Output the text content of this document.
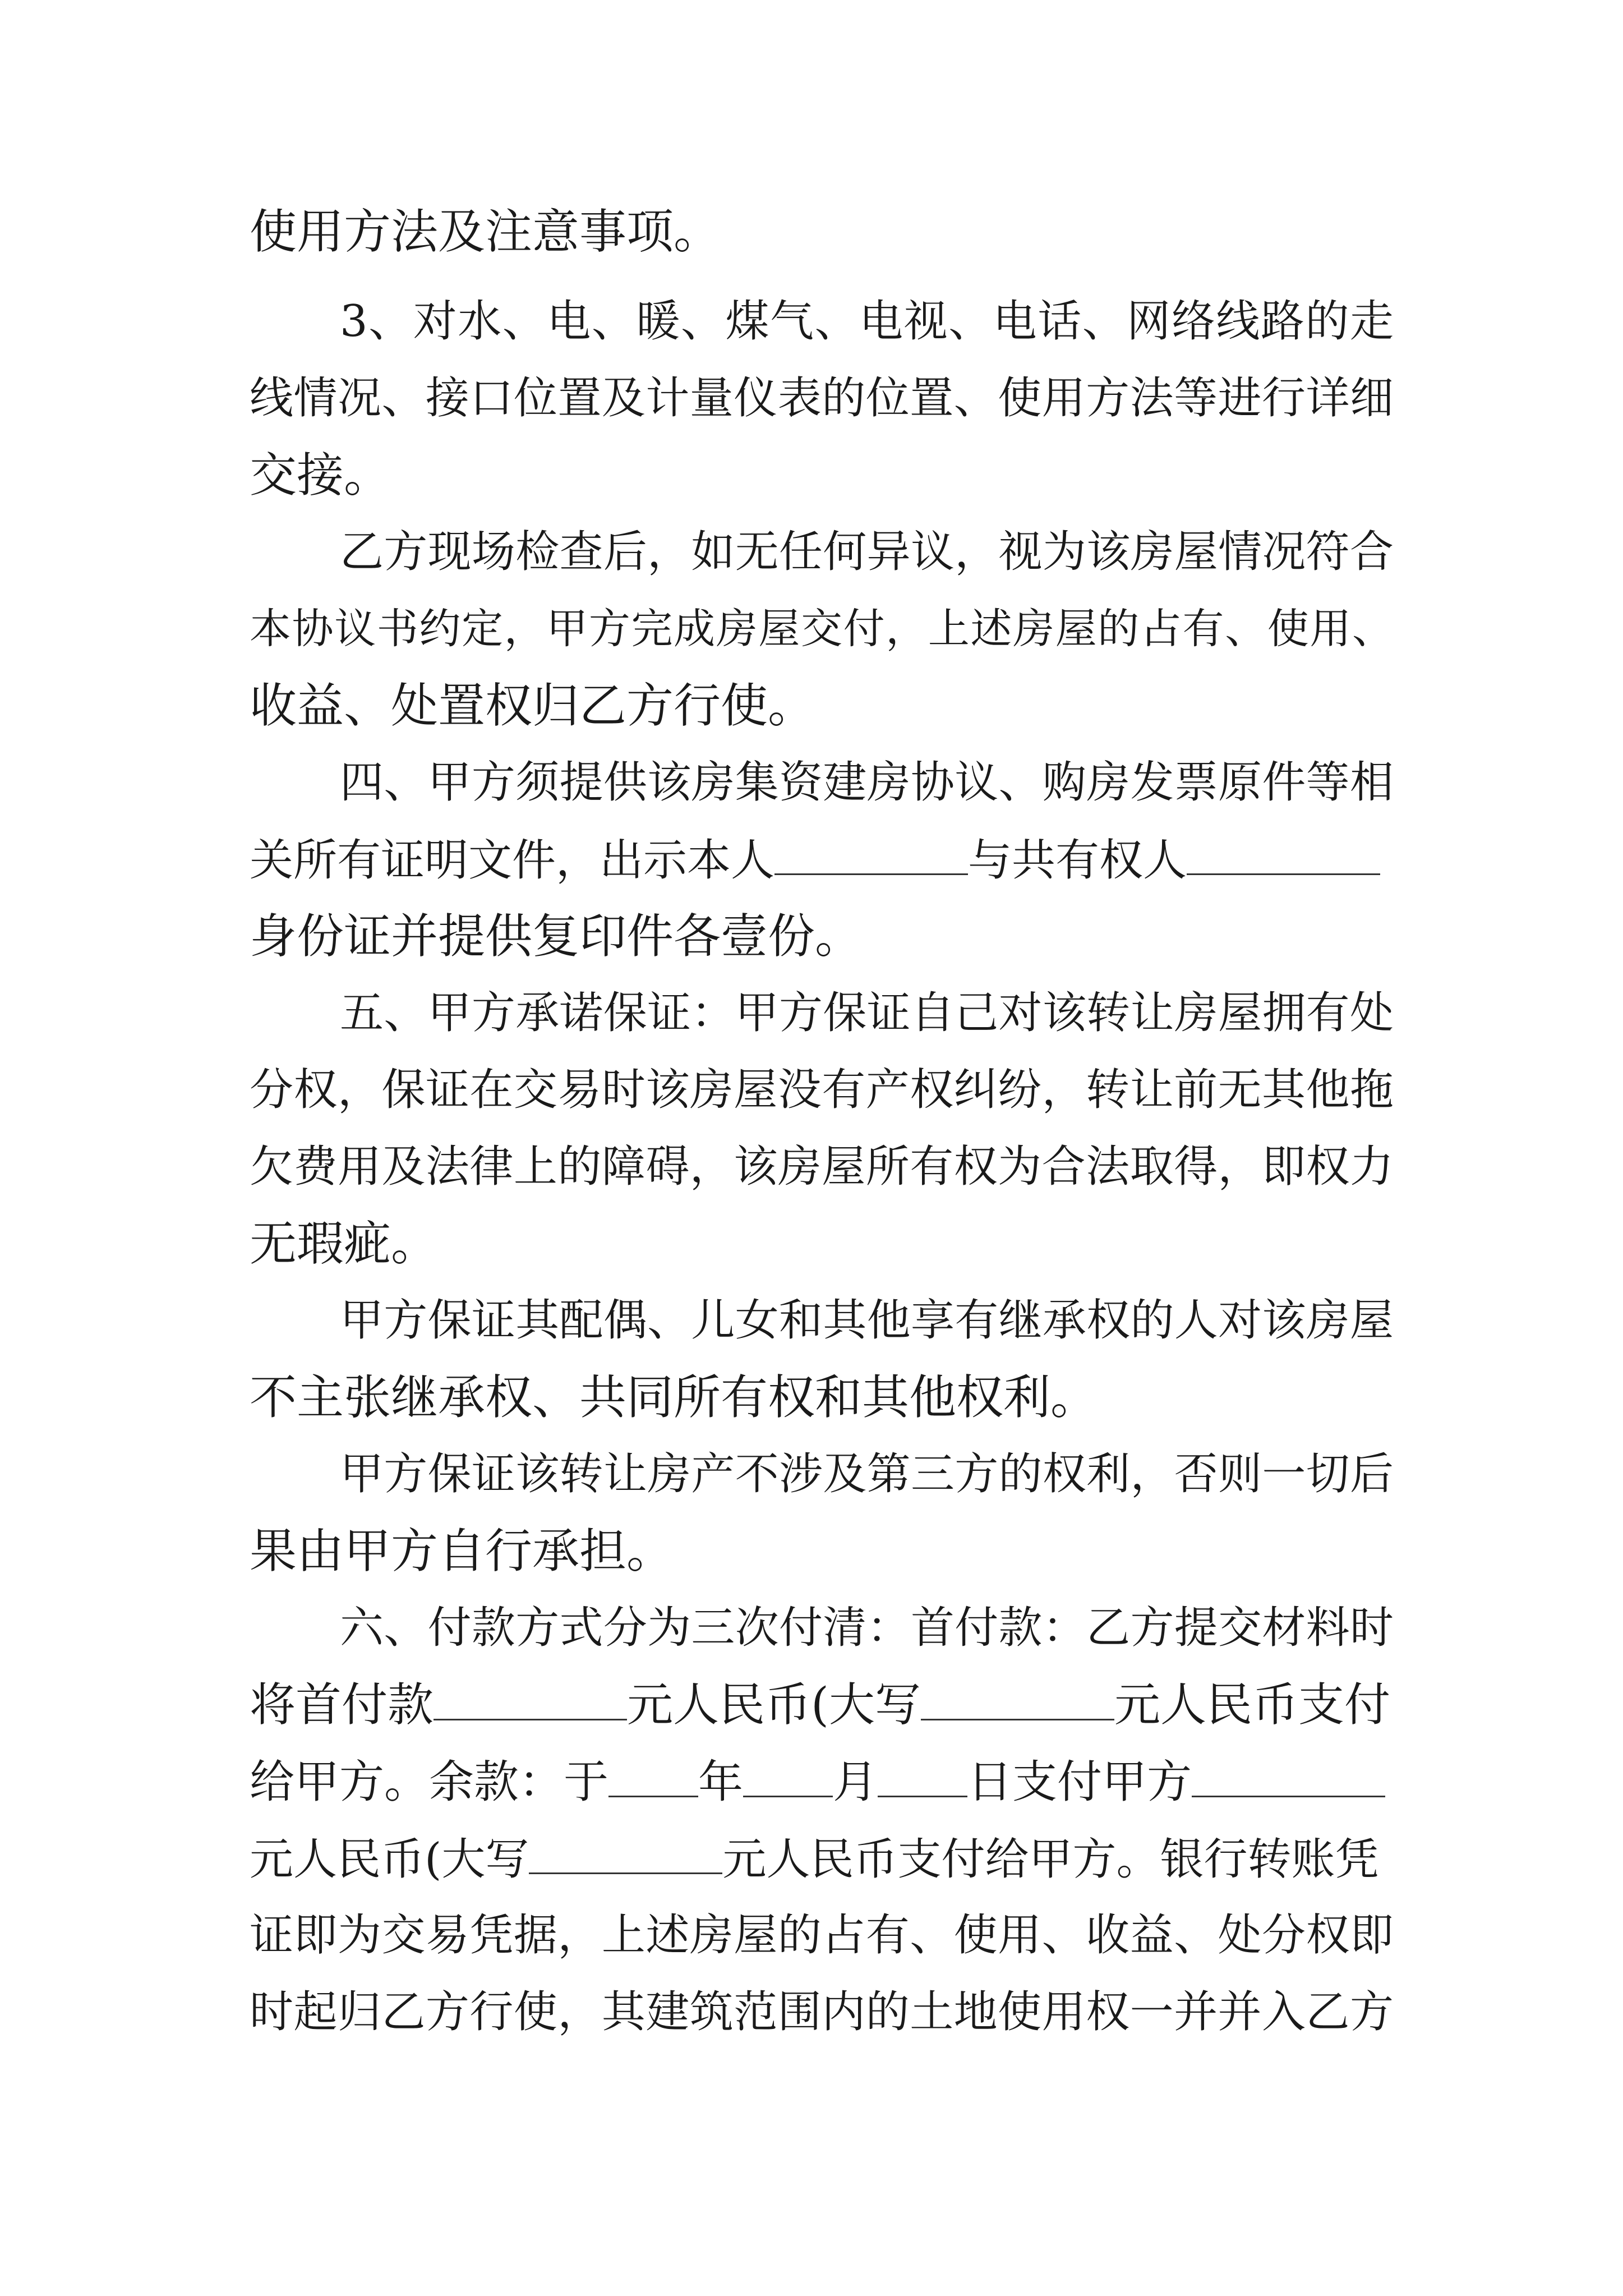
使用方法及注意事项。
3、对水、电、暖、煤气、电视、电话、网络线路的走
线情况、接口位置及计量仪表的位置、使用方法等进行详细
交接。
乙方现场检查后，如无任何异议，视为该房屋情况符合
本协议书约定，甲方完成房屋交付，上述房屋的占有、使用、
收益、处置权归乙方行使。
四、甲方须提供该房集资建房协议、购房发票原件等相
关所有证明文件，出示本人	与共有权人
身份证并提供复印件各壹份。
五、甲方承诺保证：甲方保证自己对该转让房屋拥有处
分权，保证在交易时该房屋没有产权纠纷，转让前无其他拖
欠费用及法律上的障碍，该房屋所有权为合法取得，即权力
无瑕疵。
甲方保证其配偶、儿女和其他享有继承权的人对该房屋
不主张继承权、共同所有权和其他权利。
甲方保证该转让房产不涉及第三方的权利，否则一切后
果由甲方自行承担。
六、付款方式分为三次付清：首付款：乙方提交材料时
将首付款	元人民币(大写	元人民币支付
给甲方。余款：于 年 月 日支付甲方
元人民币(大写	元人民币支付给甲方。银行转账凭
证即为交易凭据，上述房屋的占有、使用、收益、处分权即
时起归乙方行使，其建筑范围内的土地使用权一并并入乙方
